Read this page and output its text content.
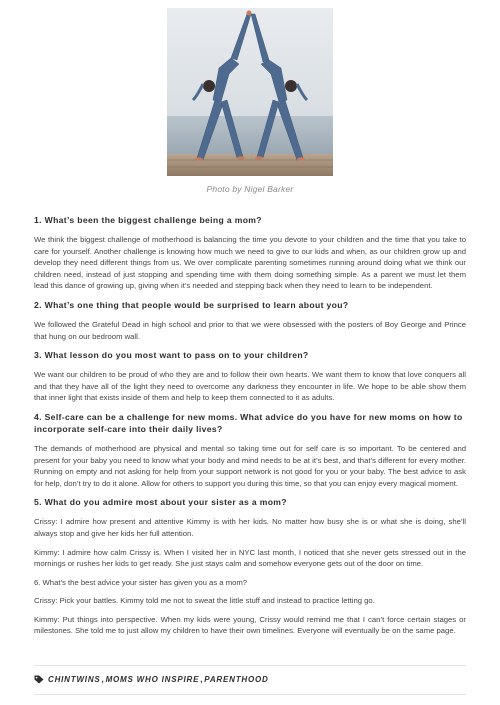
Photo by Nigel Barker
1. What’s been the biggest challenge being a mom?
We think the biggest challenge of motherhood is balancing the time you devote to your children and the time that you take to care for yourself. Another challenge is knowing how much we need to give to our kids and when, as our children grow up and develop they need different things from us. We over complicate parenting sometimes running around doing what we think our children need, instead of just stopping and spending time with them doing something simple. As a parent we must let them lead this dance of growing up, giving when it’s needed and stepping back when they need to learn to be independent.
2. What’s one thing that people would be surprised to learn about you?
We followed the Grateful Dead in high school and prior to that we were obsessed with the posters of Boy George and Prince that hung on our bedroom wall.
3. What lesson do you most want to pass on to your children?
We want our children to be proud of who they are and to follow their own hearts. We want them to know that love conquers all and that they have all of the light they need to overcome any darkness they encounter in life. We hope to be able show them that inner light that exists inside of them and help to keep them connected to it as adults.
4. Self-care can be a challenge for new moms. What advice do you have for new moms on how to incorporate self-care into their daily lives?
The demands of motherhood are physical and mental so taking time out for self care is so important. To be centered and present for your baby you need to know what your body and mind needs to be at it’s best, and that’s different for every mother. Running on empty and not asking for help from your support network is not good for you or your baby. The best advice to ask for help, don’t try to do it alone. Allow for others to support you during this time, so that you can enjoy every magical moment.
5. What do you admire most about your sister as a mom?
Crissy: I admire how present and attentive Kimmy is with her kids. No matter how busy she is or what she is doing, she’ll always stop and give her kids her full attention.
Kimmy: I admire how calm Crissy is. When I visited her in NYC last month, I noticed that she never gets stressed out in the mornings or rushes her kids to get ready. She just stays calm and somehow everyone gets out of the door on time.
6. What’s the best advice your sister has given you as a mom?
Crissy: Pick your battles. Kimmy told me not to sweat the little stuff and instead to practice letting go.
Kimmy: Put things into perspective. When my kids were young, Crissy would remind me that I can’t force certain stages or milestones. She told me to just allow my children to have their own timelines. Everyone will eventually be on the same page.
CHINTWINS , MOMS WHO INSPIRE , PARENTHOOD
